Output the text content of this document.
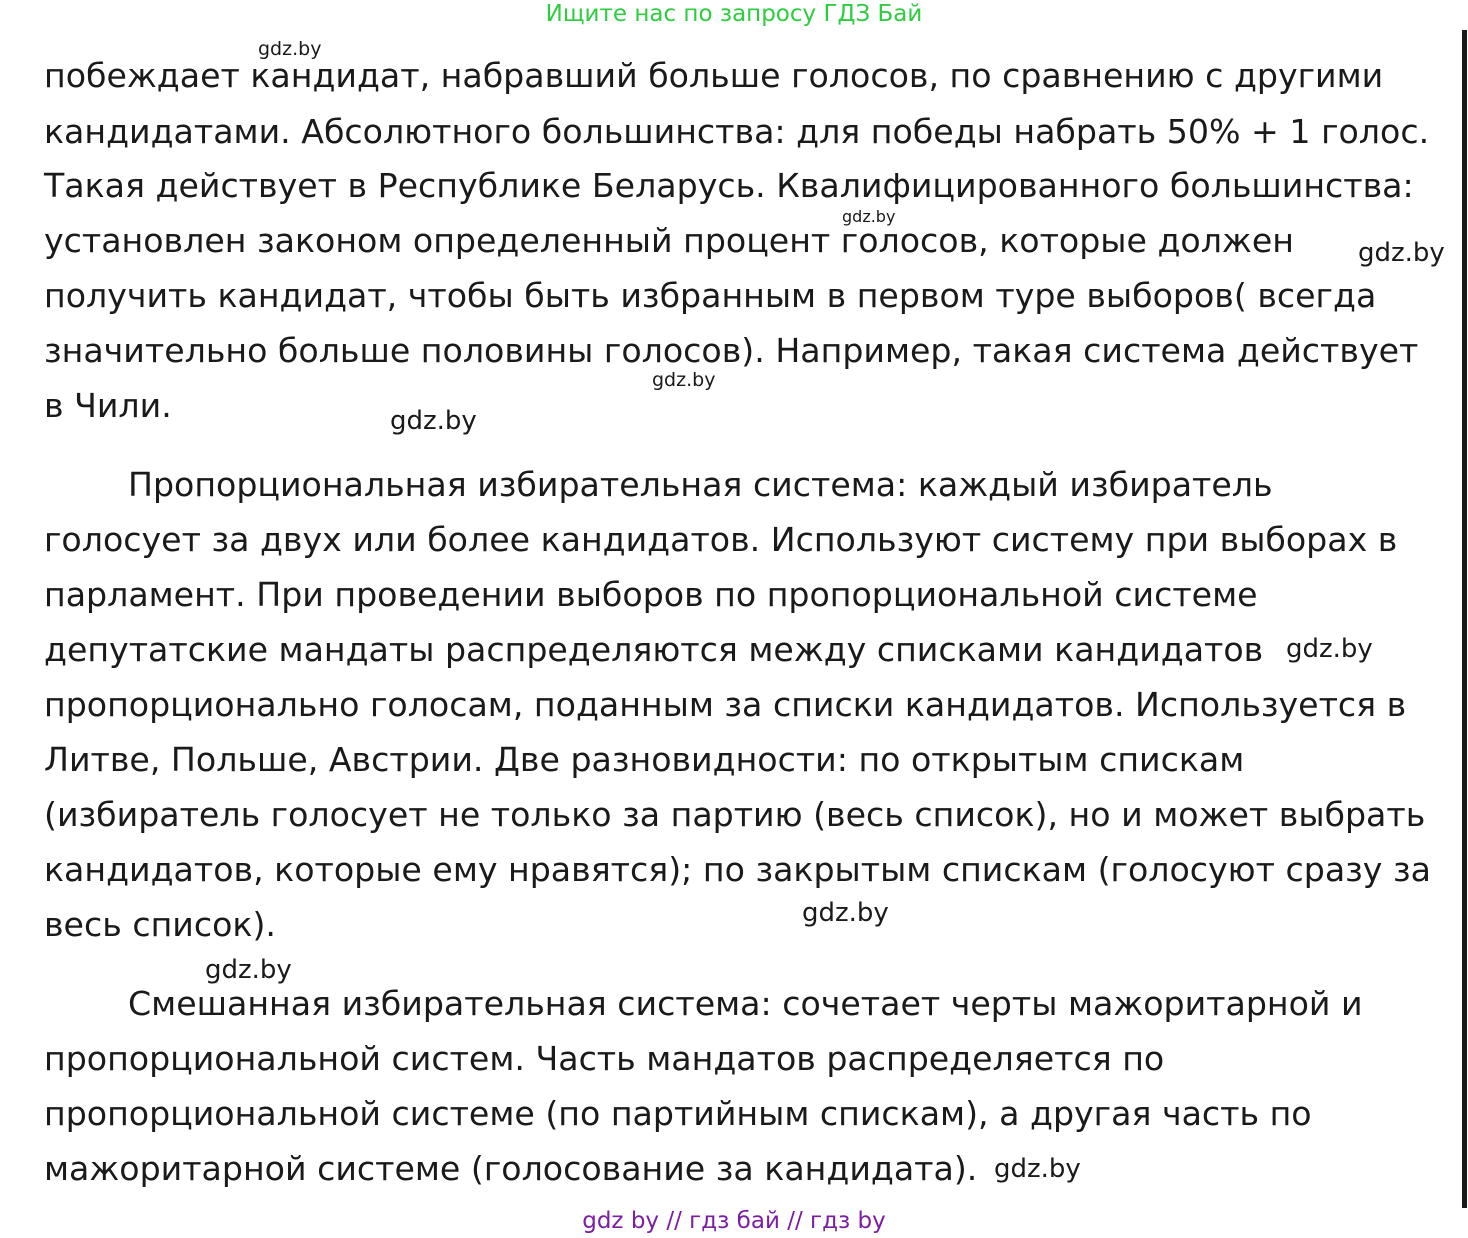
Ищите нас по запросу ГДЗ Бай
побеждает кандидат, набравший больше голосов, по сравнению с другими
кандидатами. Абсолютного большинства: для победы набрать 50% + 1 голос.
Такая действует в Республике Беларусь. Квалифицированного большинства:
установлен законом определенный процент голосов, которые должен
получить кандидат, чтобы быть избранным в первом туре выборов( всегда
значительно больше половины голосов). Например, такая система действует
в Чили.
Пропорциональная избирательная система: каждый избиратель
голосует за двух или более кандидатов. Используют систему при выборах в
парламент. При проведении выборов по пропорциональной системе
депутатские мандаты распределяются между списками кандидатов
пропорционально голосам, поданным за списки кандидатов. Используется в
Литве, Польше, Австрии. Две разновидности: по открытым спискам
(избиратель голосует не только за партию (весь список), но и может выбрать
кандидатов, которые ему нравятся); по закрытым спискам (голосуют сразу за
весь список).
Смешанная избирательная система: сочетает черты мажоритарной и
пропорциональной систем. Часть мандатов распределяется по
пропорциональной системе (по партийным спискам), а другая часть по
мажоритарной системе (голосование за кандидата).
gdz.by
gdz.by
gdz.by
gdz.by
gdz.by
gdz.by
gdz.by
gdz.by
gdz.by
gdz by // гдз бай // гдз by
